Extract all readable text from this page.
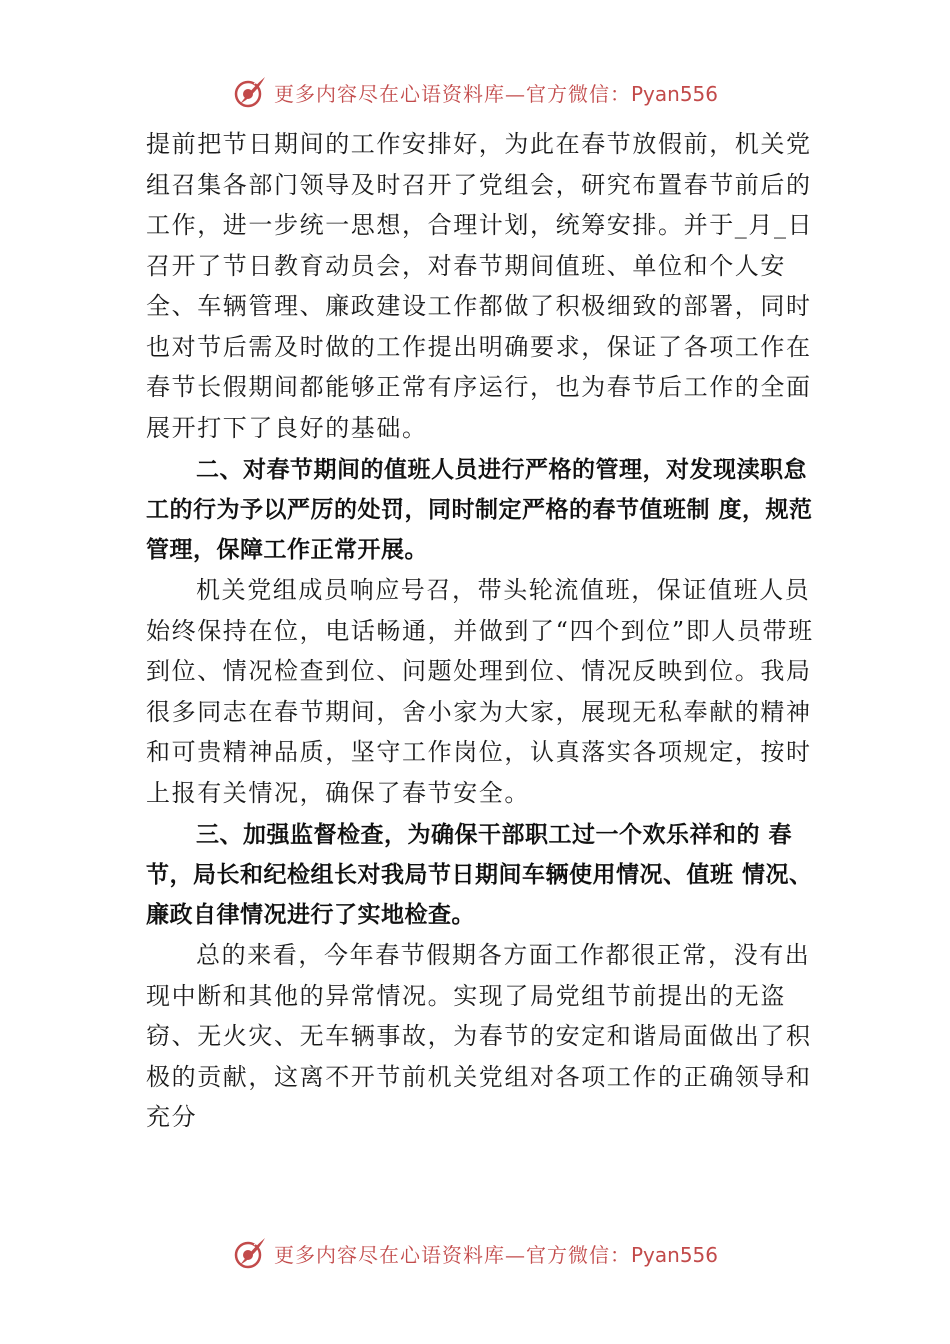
更多内容尽在心语资料库—官方微信：Pyan556

提前把节日期间的工作安排好，为此在春节放假前，机关党组召集各部门领导及时召开了党组会，研究布置春节前后的工作，进一步统一思想，合理计划，统筹安排。并于_月_日召开了节日教育动员会，对春节期间值班、单位和个人安全、车辆管理、廉政建设工作都做了积极细致的部署，同时也对节后需及时做的工作提出明确要求，保证了各项工作在春节长假期间都能够正常有序运行，也为春节后工作的全面展开打下了良好的基础。

二、对春节期间的值班人员进行严格的管理，对发现渎职怠工的行为予以严厉的处罚，同时制定严格的春节值班制 度，规范管理，保障工作正常开展。

机关党组成员响应号召，带头轮流值班，保证值班人员始终保持在位，电话畅通，并做到了“四个到位”即人员带班到位、情况检查到位、问题处理到位、情况反映到位。我局很多同志在春节期间，舍小家为大家，展现无私奉献的精神和可贵精神品质，坚守工作岗位，认真落实各项规定，按时上报有关情况，确保了春节安全。

三、加强监督检查，为确保干部职工过一个欢乐祥和的 春节，局长和纪检组长对我局节日期间车辆使用情况、值班 情况、廉政自律情况进行了实地检查。

总的来看，今年春节假期各方面工作都很正常，没有出现中断和其他的异常情况。实现了局党组节前提出的无盗窃、无火灾、无车辆事故，为春节的安定和谐局面做出了积极的贡献，这离不开节前机关党组对各项工作的正确领导和充分

更多内容尽在心语资料库—官方微信：Pyan556
